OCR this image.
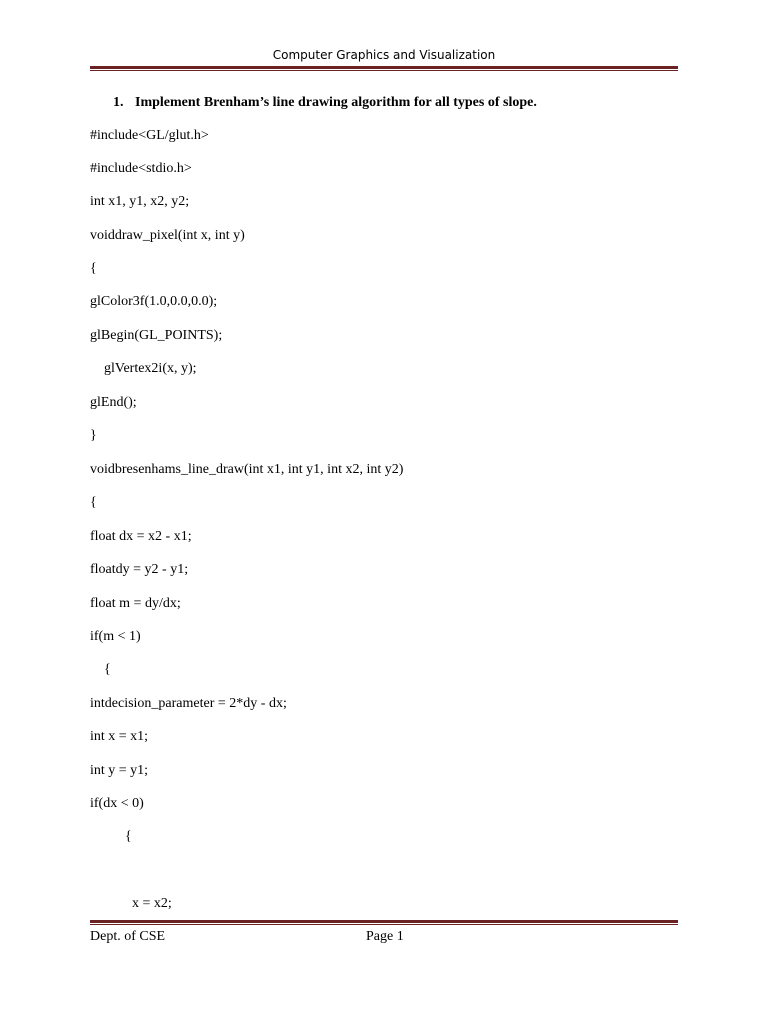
Computer Graphics and Visualization
1. Implement Brenham’s line drawing algorithm for all types of slope.
#include<GL/glut.h>
#include<stdio.h>
int x1, y1, x2, y2;
voiddraw_pixel(int x, int y)
{
glColor3f(1.0,0.0,0.0);
glBegin(GL_POINTS);
glVertex2i(x, y);
glEnd();
}
voidbresenhams_line_draw(int x1, int y1, int x2, int y2)
{
float dx = x2 - x1;
floatdy = y2 - y1;
float m = dy/dx;
if(m < 1)
{
intdecision_parameter = 2*dy - dx;
int x = x1;
int y = y1;
if(dx < 0)
{
x = x2;
Dept. of CSE	Page 1
